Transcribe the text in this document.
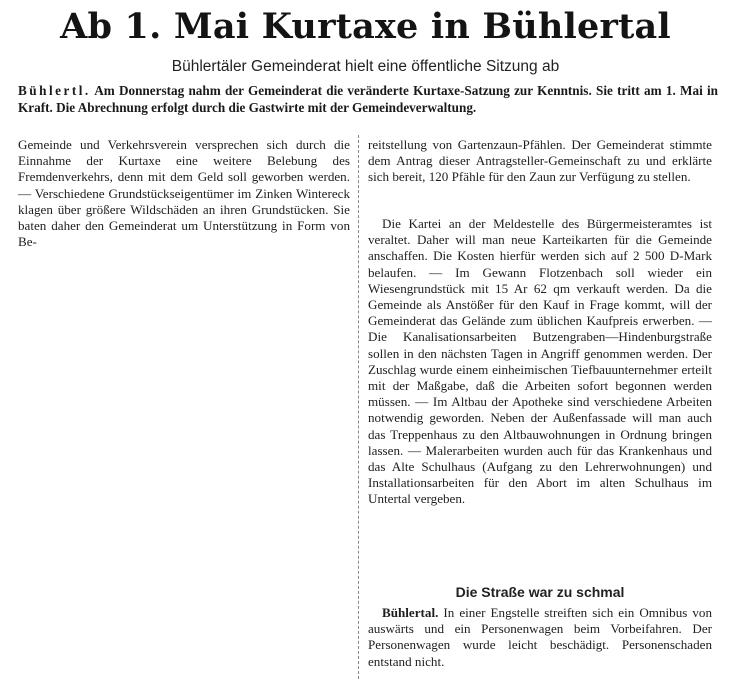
Ab 1. Mai Kurtaxe in Bühlertal

Bühlertäler Gemeinderat hielt eine öffentliche Sitzung ab

Bühlertl. Am Donnerstag nahm der Gemeinderat die veränderte Kurtaxe-Satzung zur Kenntnis. Sie tritt am 1. Mai in Kraft. Die Abrechnung erfolgt durch die Gastwirte mit der Gemeindeverwaltung.

Gemeinde und Verkehrsverein versprechen sich durch die Einnahme der Kurtaxe eine weitere Belebung des Fremdenverkehrs, denn mit dem Geld soll geworben werden. — Verschiedene Grundstückseigentümer im Zinken Wintereck klagen über größere Wildschäden an ihren Grundstücken. Sie baten daher den Gemeinderat um Unterstützung in Form von Be-

reitstellung von Gartenzaun-Pfählen. Der Gemeinderat stimmte dem Antrag dieser Antragsteller-Gemeinschaft zu und erklärte sich bereit, 120 Pfähle für den Zaun zur Verfügung zu stellen.

Die Kartei an der Meldestelle des Bürgermeisteramtes ist veraltet. Daher will man neue Karteikarten für die Gemeinde anschaffen. Die Kosten hierfür werden sich auf 2 500 D-Mark belaufen. — Im Gewann Flotzenbach soll wieder ein Wiesengrundstück mit 15 Ar 62 qm verkauft werden. Da die Gemeinde als Anstößer für den Kauf in Frage kommt, will der Gemeinderat das Gelände zum üblichen Kaufpreis erwerben. — Die Kanalisationsarbeiten Butzengraben—Hindenburgstraße sollen in den nächsten Tagen in Angriff genommen werden. Der Zuschlag wurde einem einheimischen Tiefbauunternehmer erteilt mit der Maßgabe, daß die Arbeiten sofort begonnen werden müssen. — Im Altbau der Apotheke sind verschiedene Arbeiten notwendig geworden. Neben der Außenfassade will man auch das Treppenhaus zu den Altbauwohnungen in Ordnung bringen lassen. — Malerarbeiten wurden auch für das Krankenhaus und das Alte Schulhaus (Aufgang zu den Lehrerwohnungen) und Installationsarbeiten für den Abort im alten Schulhaus im Untertal vergeben.

Die Straße war zu schmal

Bühlertal. In einer Engstelle streiften sich ein Omnibus von auswärts und ein Personenwagen beim Vorbeifahren. Der Personenwagen wurde leicht beschädigt. Personenschaden entstand nicht.
